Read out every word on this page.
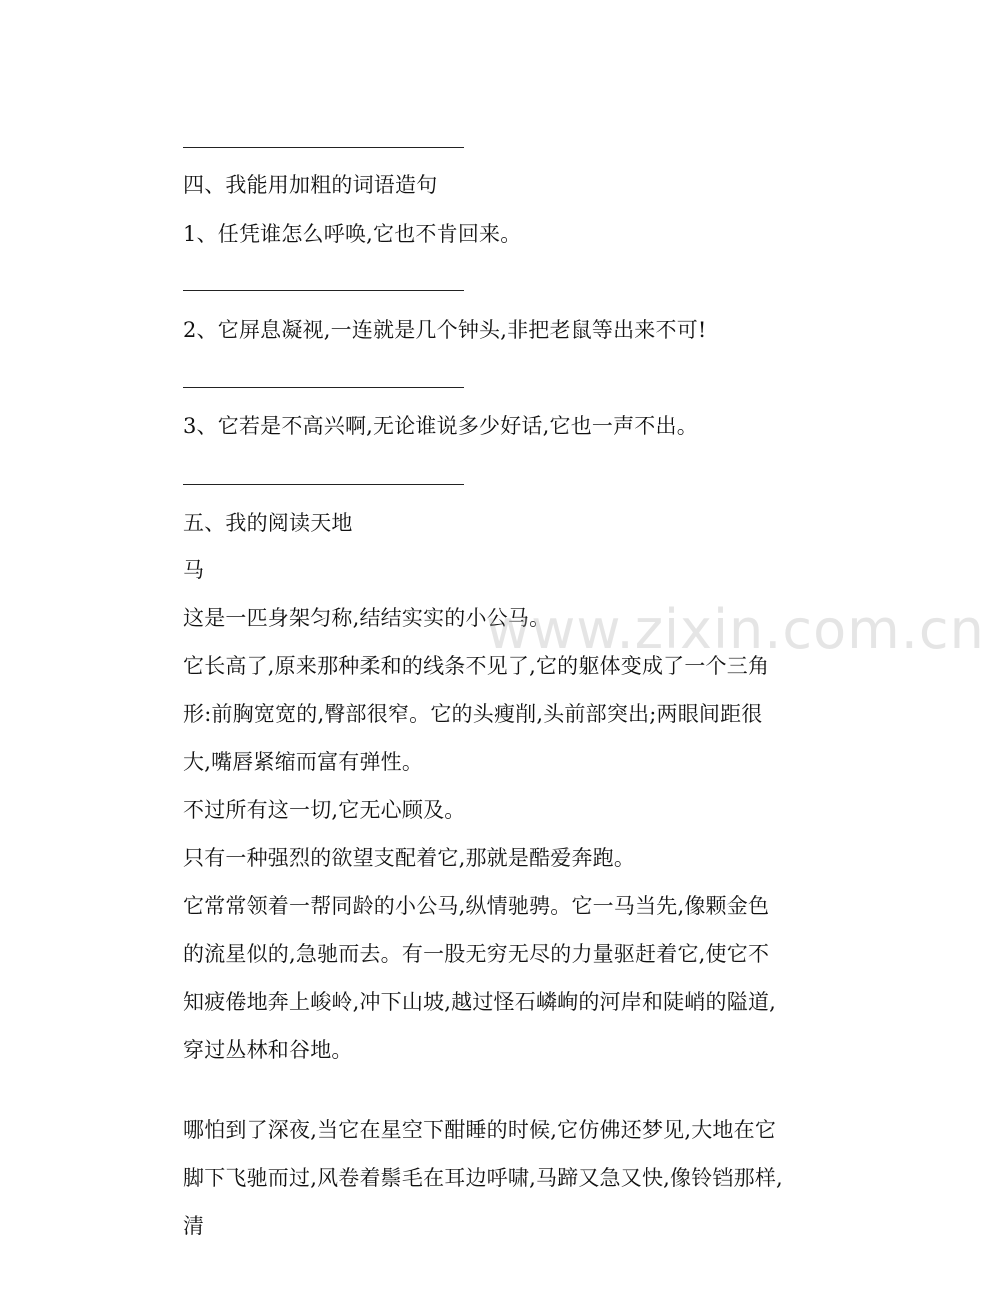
四、我能用加粗的词语造句
1、任凭谁怎么呼唤,它也不肯回来。
2、它屏息凝视,一连就是几个钟头,非把老鼠等出来不可!
3、它若是不高兴啊,无论谁说多少好话,它也一声不出。
五、我的阅读天地
马
这是一匹身架匀称,结结实实的小公马。
它长高了,原来那种柔和的线条不见了,它的躯体变成了一个三角形:前胸宽宽的,臀部很窄。它的头瘦削,头前部突出;两眼间距很大,嘴唇紧缩而富有弹性。
不过所有这一切,它无心顾及。
只有一种强烈的欲望支配着它,那就是酷爱奔跑。
它常常领着一帮同龄的小公马,纵情驰骋。它一马当先,像颗金色的流星似的,急驰而去。有一股无穷无尽的力量驱赶着它,使它不知疲倦地奔上峻岭,冲下山坡,越过怪石嶙峋的河岸和陡峭的隘道,穿过丛林和谷地。
哪怕到了深夜,当它在星空下酣睡的时候,它仿佛还梦见,大地在它脚下飞驰而过,风卷着鬃毛在耳边呼啸,马蹄又急又快,像铃铛那样,清
www.zixin.com.cn
